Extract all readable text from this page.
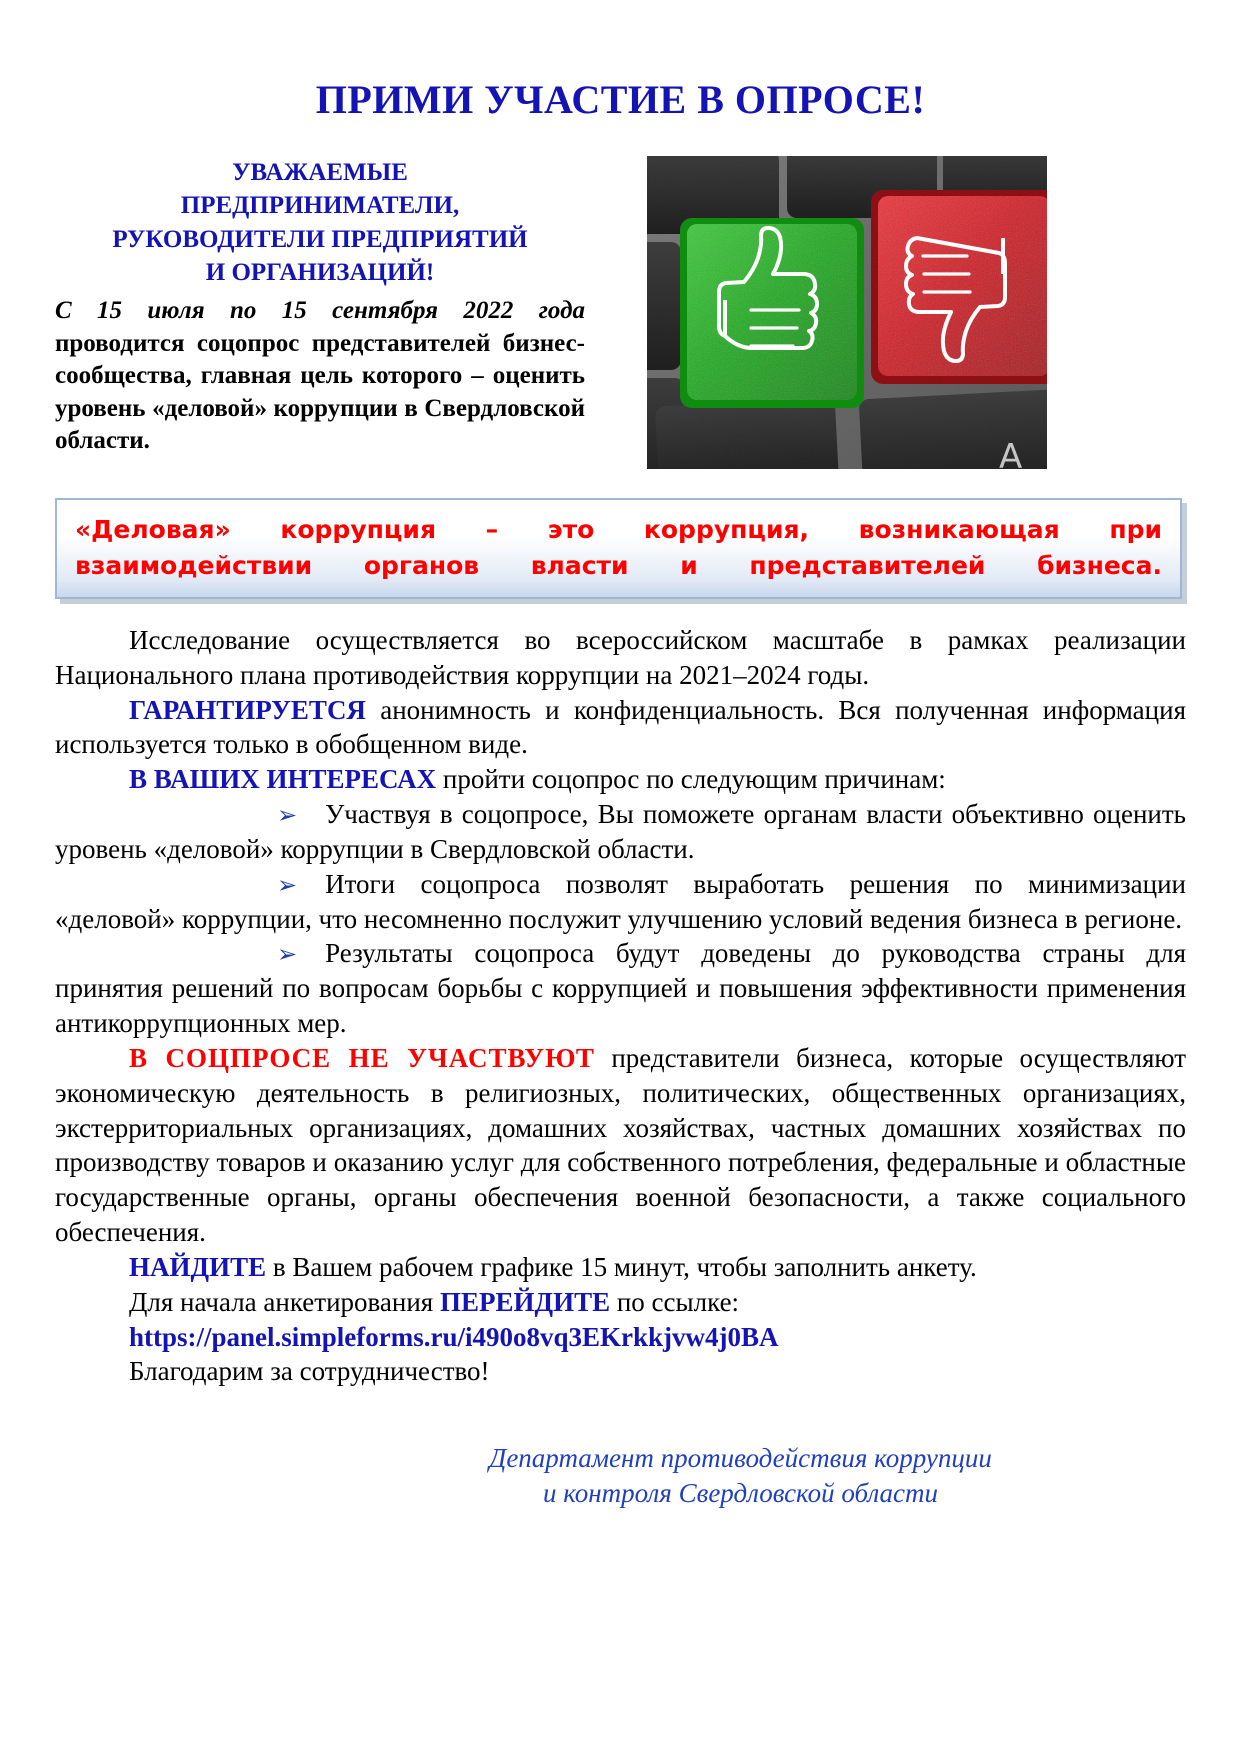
ПРИМИ УЧАСТИЕ В ОПРОСЕ!
A
УВАЖАЕМЫЕ
ПРЕДПРИНИМАТЕЛИ,
РУКОВОДИТЕЛИ ПРЕДПРИЯТИЙ
И ОРГАНИЗАЦИЙ!

С 15 июля по 15 сентября 2022 года проводится соцопрос представителей бизнес-сообщества, главная цель которого – оценить уровень «деловой» коррупции в Свердловской области.

«Деловая» коррупция – это коррупция, возникающая при взаимодействии органов власти и представителей бизнеса.

Исследование осуществляется во всероссийском масштабе в рамках реализации Национального плана противодействия коррупции на 2021–2024 годы.

ГАРАНТИРУЕТСЯ анонимность и конфиденциальность. Вся полученная информация используется только в обобщенном виде.

В ВАШИХ ИНТЕРЕСАХ пройти соцопрос по следующим причинам:

➢ Участвуя в соцопросе, Вы поможете органам власти объективно оценить уровень «деловой» коррупции в Свердловской области.

➢ Итоги соцопроса позволят выработать решения по минимизации «деловой» коррупции, что несомненно послужит улучшению условий ведения бизнеса в регионе.

➢ Результаты соцопроса будут доведены до руководства страны для принятия решений по вопросам борьбы с коррупцией и повышения эффективности применения антикоррупционных мер.

В СОЦПРОСЕ НЕ УЧАСТВУЮТ представители бизнеса, которые осуществляют экономическую деятельность в религиозных, политических, общественных организациях, экстерриториальных организациях, домашних хозяйствах, частных домашних хозяйствах по производству товаров и оказанию услуг для собственного потребления, федеральные и областные государственные органы, органы обеспечения военной безопасности, а также социального обеспечения.

НАЙДИТЕ в Вашем рабочем графике 15 минут, чтобы заполнить анкету.

Для начала анкетирования ПЕРЕЙДИТЕ по ссылке:

https://panel.simpleforms.ru/i490o8vq3EKrkkjvw4j0BA

Благодарим за сотрудничество!

Департамент противодействия коррупции
и контроля Свердловской области
